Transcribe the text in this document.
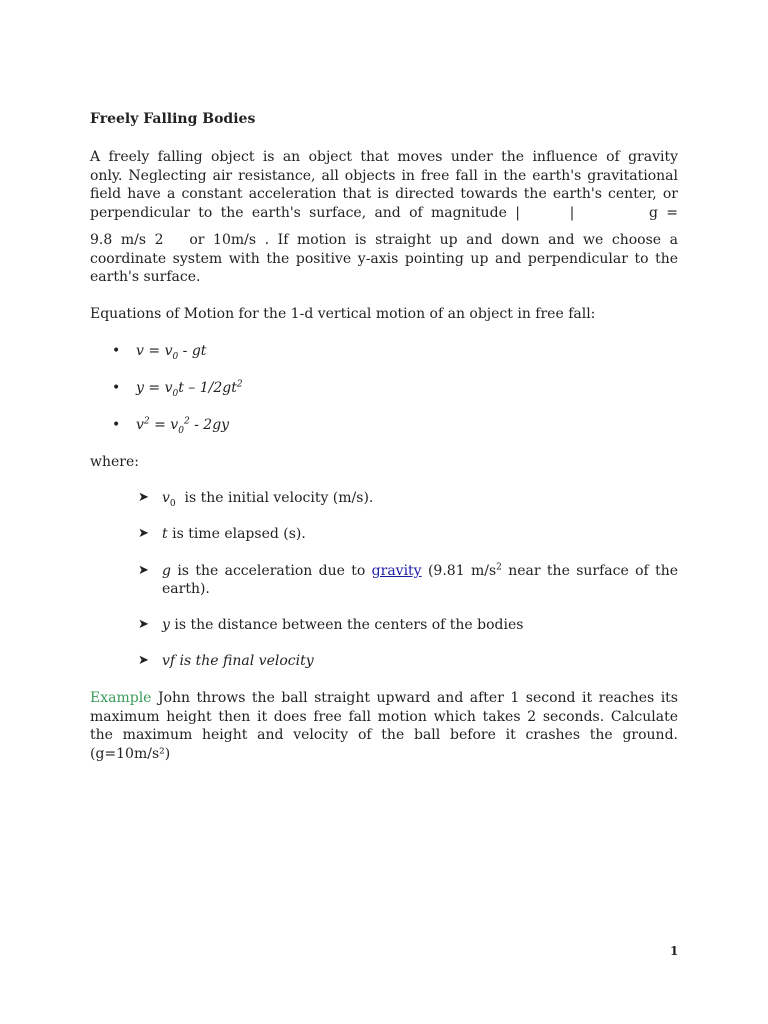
Freely Falling Bodies
A freely falling object is an object that moves under the influence of gravity
only. Neglecting air resistance, all objects in free fall in the earth's gravitational
field have a constant acceleration that is directed towards the earth's center, or
perpendicular to the earth's surface, and of magnitude |      |         g =
9.8 m/s 2   or 10m/s . If motion is straight up and down and we choose a
coordinate system with the positive y-axis pointing up and perpendicular to the
earth's surface.
Equations of Motion for the 1-d vertical motion of an object in free fall:
• $v = v_0$ - gt
• $y = v_0t - 1/2gt^2$
• $v^2 = v_0^2 - 2gy$
where:
➤ $v_0$  is the initial velocity (m/s).
➤ t is time elapsed (s).
➤ g is the acceleration due to gravity (9.81 $m/s^2$ near the surface of the earth).
➤ y is the distance between the centers of the bodies
➤ vf is the final velocity
Example John throws the ball straight upward and after 1 second it reaches its maximum height then it does free fall motion which takes 2 seconds. Calculate the maximum height and velocity of the ball before it crashes the ground. (g=10m/s²)
1
